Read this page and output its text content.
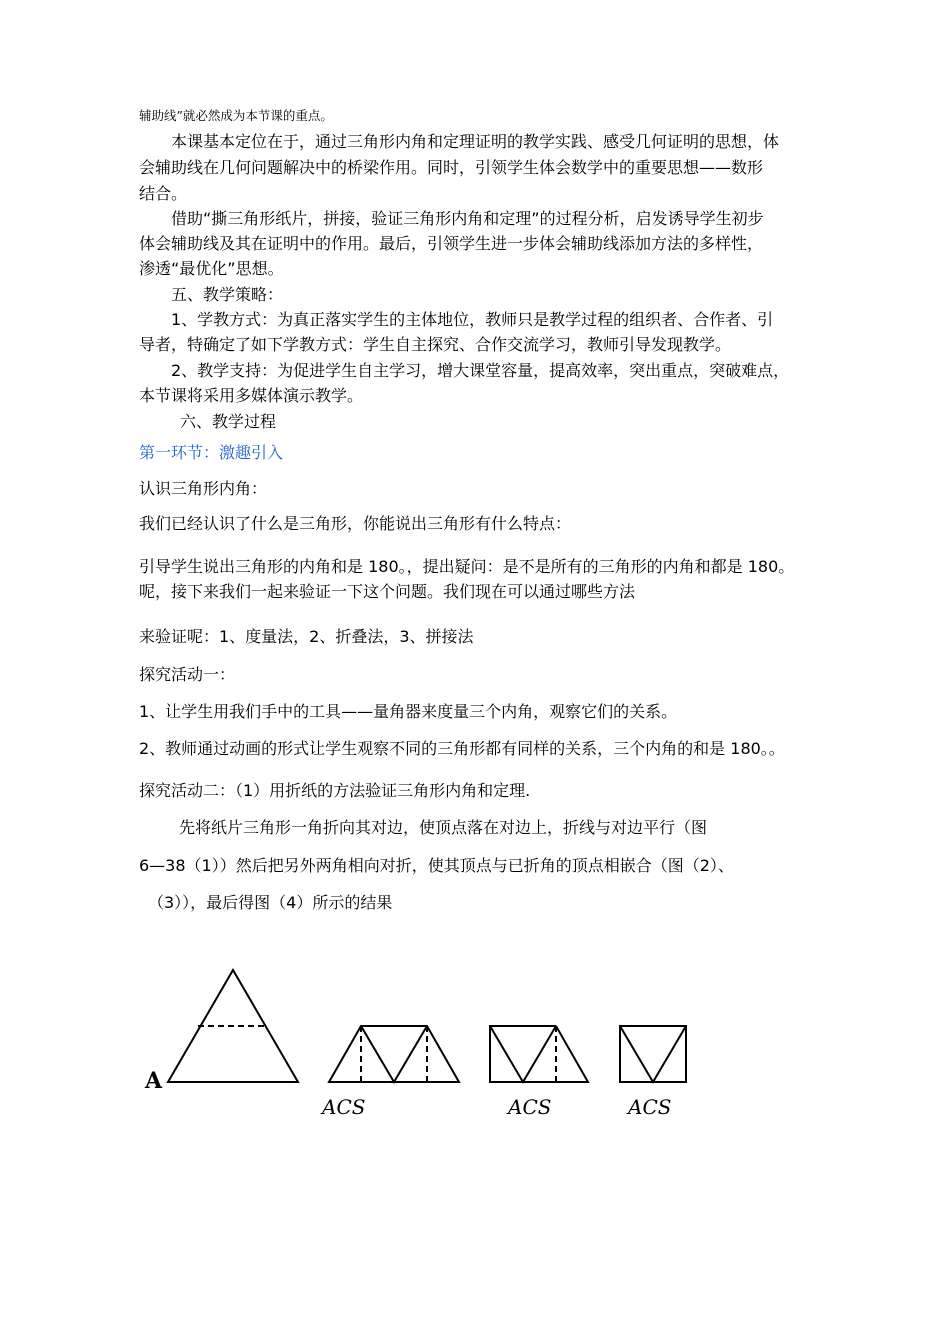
辅助线”就必然成为本节课的重点。
本课基本定位在于，通过三角形内角和定理证明的教学实践、感受几何证明的思想，体
会辅助线在几何问题解决中的桥梁作用。同时，引领学生体会数学中的重要思想——数形
结合。
借助“撕三角形纸片，拼接，验证三角形内角和定理”的过程分析，启发诱导学生初步
体会辅助线及其在证明中的作用。最后，引领学生进一步体会辅助线添加方法的多样性，
渗透“最优化”思想。
五、教学策略：
1、学教方式：为真正落实学生的主体地位，教师只是教学过程的组织者、合作者、引
导者，特确定了如下学教方式：学生自主探究、合作交流学习，教师引导发现教学。
2、教学支持：为促进学生自主学习，增大课堂容量，提高效率，突出重点，突破难点，
本节课将采用多媒体演示教学。
六、教学过程
第一环节：激趣引入
认识三角形内角：
我们已经认识了什么是三角形，你能说出三角形有什么特点：
引导学生说出三角形的内角和是 180。，提出疑问：是不是所有的三角形的内角和都是 180。
呢，接下来我们一起来验证一下这个问题。我们现在可以通过哪些方法
来验证呢：1、度量法，2、折叠法，3、拼接法
探究活动一：
1、让学生用我们手中的工具——量角器来度量三个内角，观察它们的关系。
2、教师通过动画的形式让学生观察不同的三角形都有同样的关系，三个内角的和是 180。。
探究活动二：（1）用折纸的方法验证三角形内角和定理.
先将纸片三角形一角折向其对边，使顶点落在对边上，折线与对边平行（图
6—38（1））然后把另外两角相向对折，使其顶点与已折角的顶点相嵌合（图（2）、
（3）），最后得图（4）所示的结果
A
ACS	ACS	ACS
